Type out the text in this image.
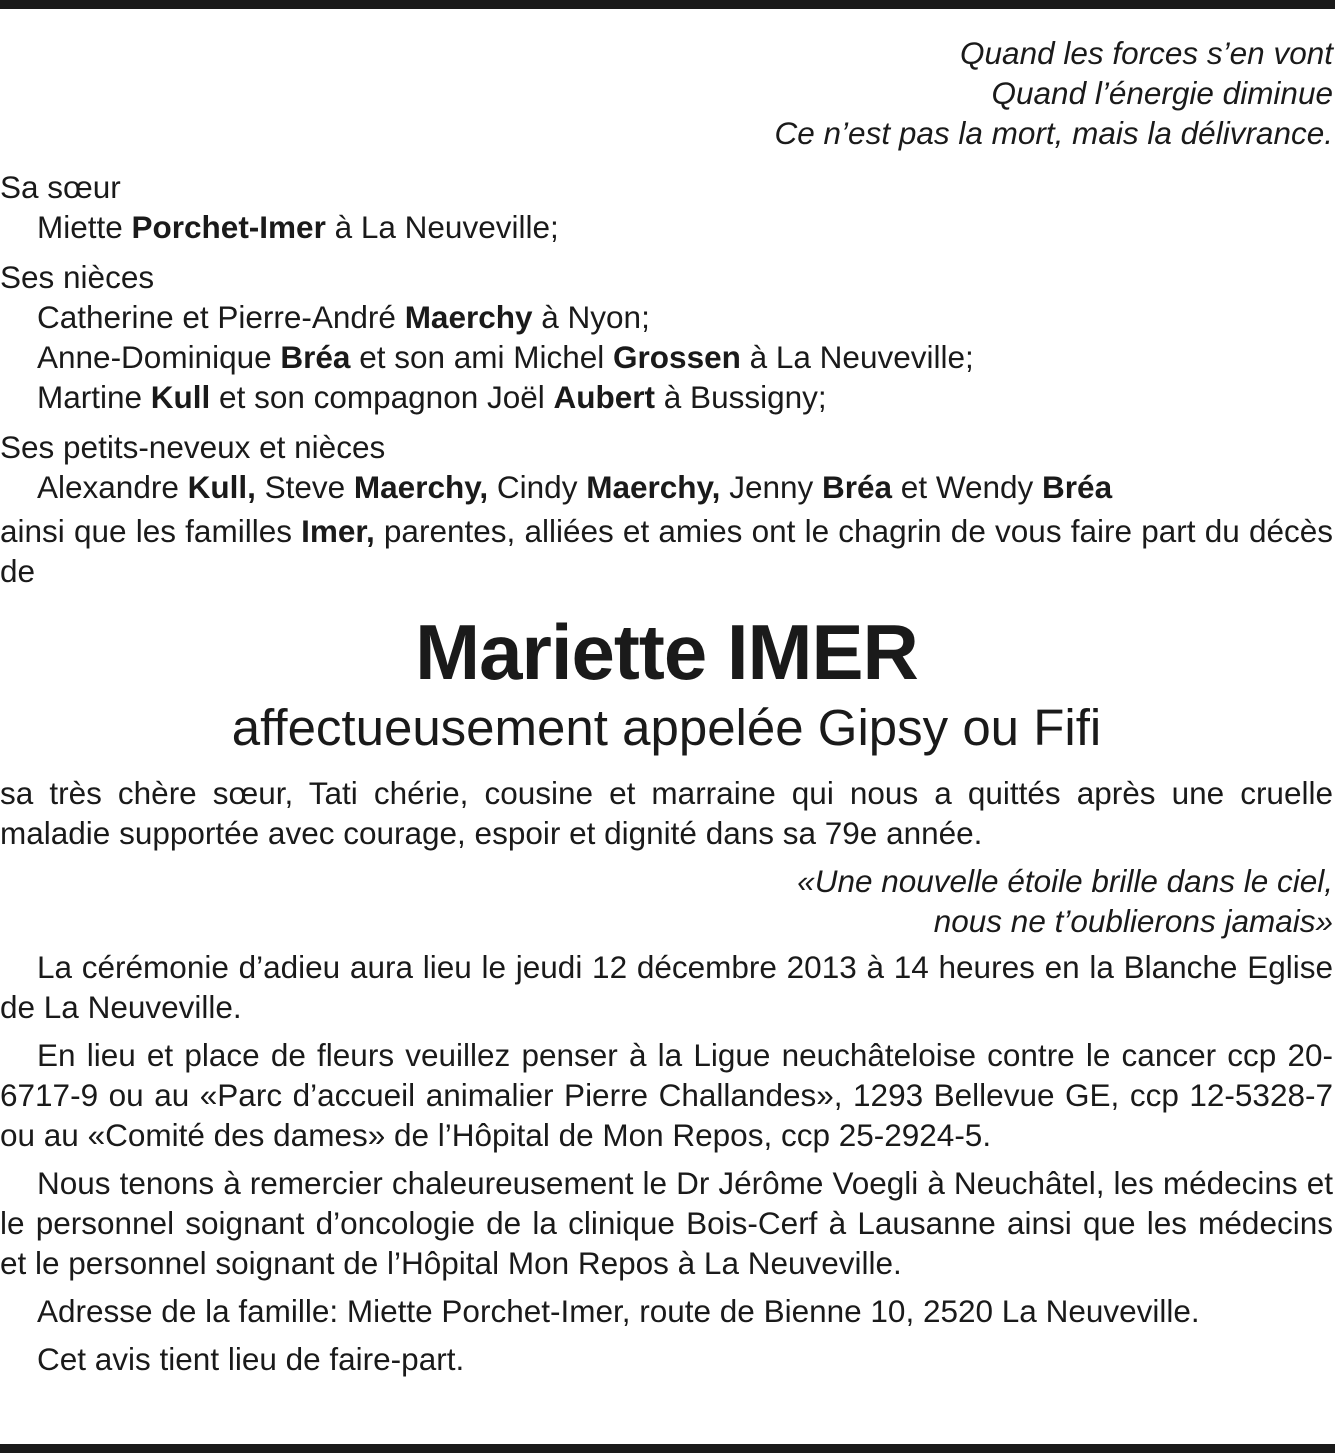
Quand les forces s’en vont
Quand l’énergie diminue
Ce n’est pas la mort, mais la délivrance.
Sa sœur
Miette Porchet-Imer à La Neuveville;
Ses nièces
Catherine et Pierre-André Maerchy à Nyon;
Anne-Dominique Bréa et son ami Michel Grossen à La Neuveville;
Martine Kull et son compagnon Joël Aubert à Bussigny;
Ses petits-neveux et nièces
Alexandre Kull, Steve Maerchy, Cindy Maerchy, Jenny Bréa et Wendy Bréa
ainsi que les familles Imer, parentes, alliées et amies ont le chagrin de vous faire part du décès de
Mariette IMER
affectueusement appelée Gipsy ou Fifi
sa très chère sœur, Tati chérie, cousine et marraine qui nous a quittés après une cruelle maladie supportée avec courage, espoir et dignité dans sa 79e année.
«Une nouvelle étoile brille dans le ciel,
nous ne t’oublierons jamais»
La cérémonie d’adieu aura lieu le jeudi 12 décembre 2013 à 14 heures en la Blanche Eglise de La Neuveville.
En lieu et place de fleurs veuillez penser à la Ligue neuchâteloise contre le cancer ccp 20-6717-9 ou au «Parc d’accueil animalier Pierre Challandes», 1293 Bellevue GE, ccp 12-5328-7 ou au «Comité des dames» de l’Hôpital de Mon Repos, ccp 25-2924-5.
Nous tenons à remercier chaleureusement le Dr Jérôme Voegli à Neuchâtel, les médecins et le personnel soignant d’oncologie de la clinique Bois-Cerf à Lausanne ainsi que les médecins et le personnel soignant de l’Hôpital Mon Repos à La Neuveville.
Adresse de la famille: Miette Porchet-Imer, route de Bienne 10, 2520 La Neuveville.
Cet avis tient lieu de faire-part.
